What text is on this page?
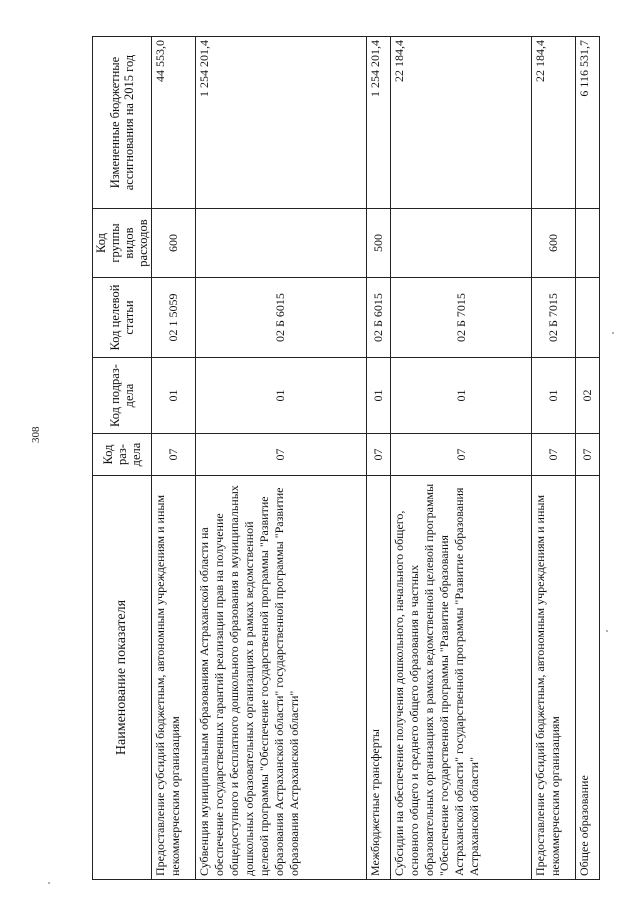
308
Наименование показателя	Код раз-дела	Код подраз-дела	Код целевой статьи	Код группы видов расходов	Измененные бюджетные ассигнования на 2015 год
Предоставление субсидий бюджетным, автономным учреждениям и иным некоммерческим организациям	07	01	02 1 5059	600	44 553,0
Субвенция муниципальным образованиям Астраханской области на обеспечение государственных гарантий реализации прав на получение общедоступного и бесплатного дошкольного образования в муниципальных дошкольных образовательных организациях в рамках ведомственной целевой программы "Обеспечение государственной программы "Развитие образования Астраханской области" государственной программы "Развитие образования Астраханской области"	07	01	02 Б 6015		1 254 201,4
Межбюджетные трансферты	07	01	02 Б 6015	500	1 254 201,4
Субсидии на обеспечение получения дошкольного, начального общего, основного общего и среднего общего образования в частных образовательных организациях в рамках ведомственной целевой программы "Обеспечение государственной программы "Развитие образования Астраханской области" государственной программы "Развитие образования Астраханской области"	07	01	02 Б 7015		22 184,4
Предоставление субсидий бюджетным, автономным учреждениям и иным некоммерческим организациям	07	01	02 Б 7015	600	22 184,4
Общее образование	07	02			6 116 531,7
